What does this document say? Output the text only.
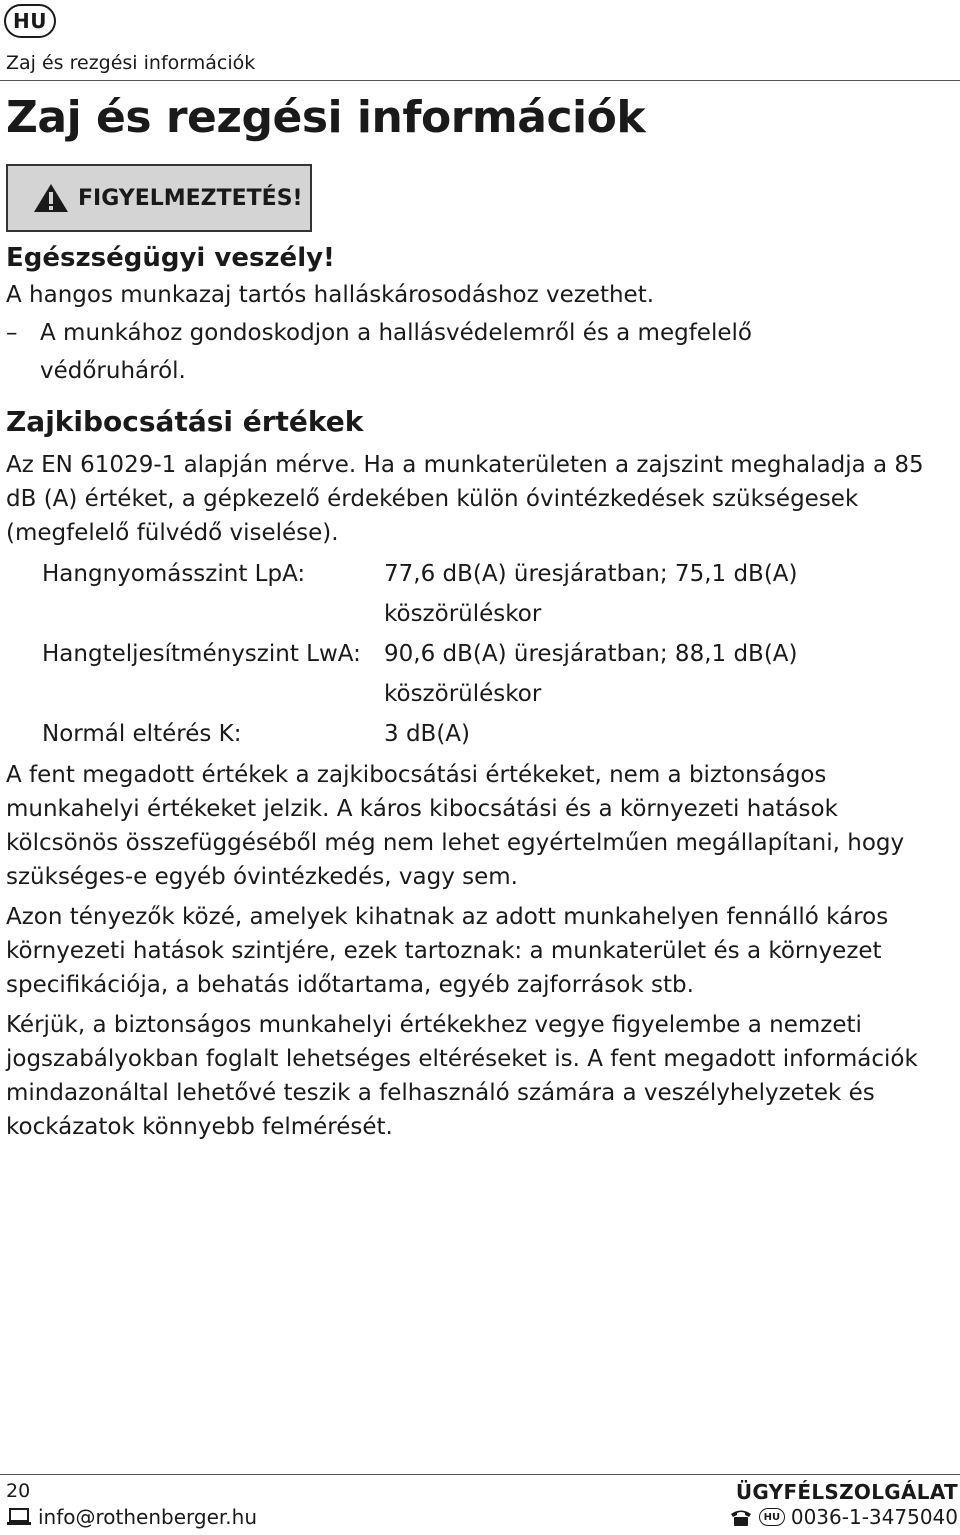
HU
Zaj és rezgési információk
Zaj és rezgési információk
FIGYELMEZTETÉS!

Egészségügyi veszély!

A hangos munkazaj tartós halláskárosodáshoz vezethet.

– A munkához gondoskodjon a hallásvédelemről és a megfelelő védőruháról.
Zajkibocsátási értékek

Az EN 61029-1 alapján mérve. Ha a munkaterületen a zajszint meghaladja a 85 dB (A) értéket, a gépkezelő érdekében külön óvintézkedések szükségesek (megfelelő fülvédő viselése).

Hangnyomásszint LpA:	77,6 dB(A) üresjáratban; 75,1 dB(A) köszörüléskor
Hangteljesítményszint LwA:	90,6 dB(A) üresjáratban; 88,1 dB(A) köszörüléskor
Normál eltérés K:	3 dB(A)

A fent megadott értékek a zajkibocsátási értékeket, nem a biztonságos munkahelyi értékeket jelzik. A káros kibocsátási és a környezeti hatások kölcsönös összefüggéséből még nem lehet egyértelműen megállapítani, hogy szükséges-e egyéb óvintézkedés, vagy sem.

Azon tényezők közé, amelyek kihatnak az adott munkahelyen fennálló káros környezeti hatások szintjére, ezek tartoznak: a munkaterület és a környezet specifikációja, a behatás időtartama, egyéb zajforrások stb.

Kérjük, a biztonságos munkahelyi értékekhez vegye figyelembe a nemzeti jogszabályokban foglalt lehetséges eltéréseket is. A fent megadott információk mindazonáltal lehetővé teszik a felhasználó számára a veszélyhelyzetek és kockázatok könnyebb felmérését.

20
info@rothenberger.hu
ÜGYFÉLSZOLGÁLAT
HU 0036-1-3475040
